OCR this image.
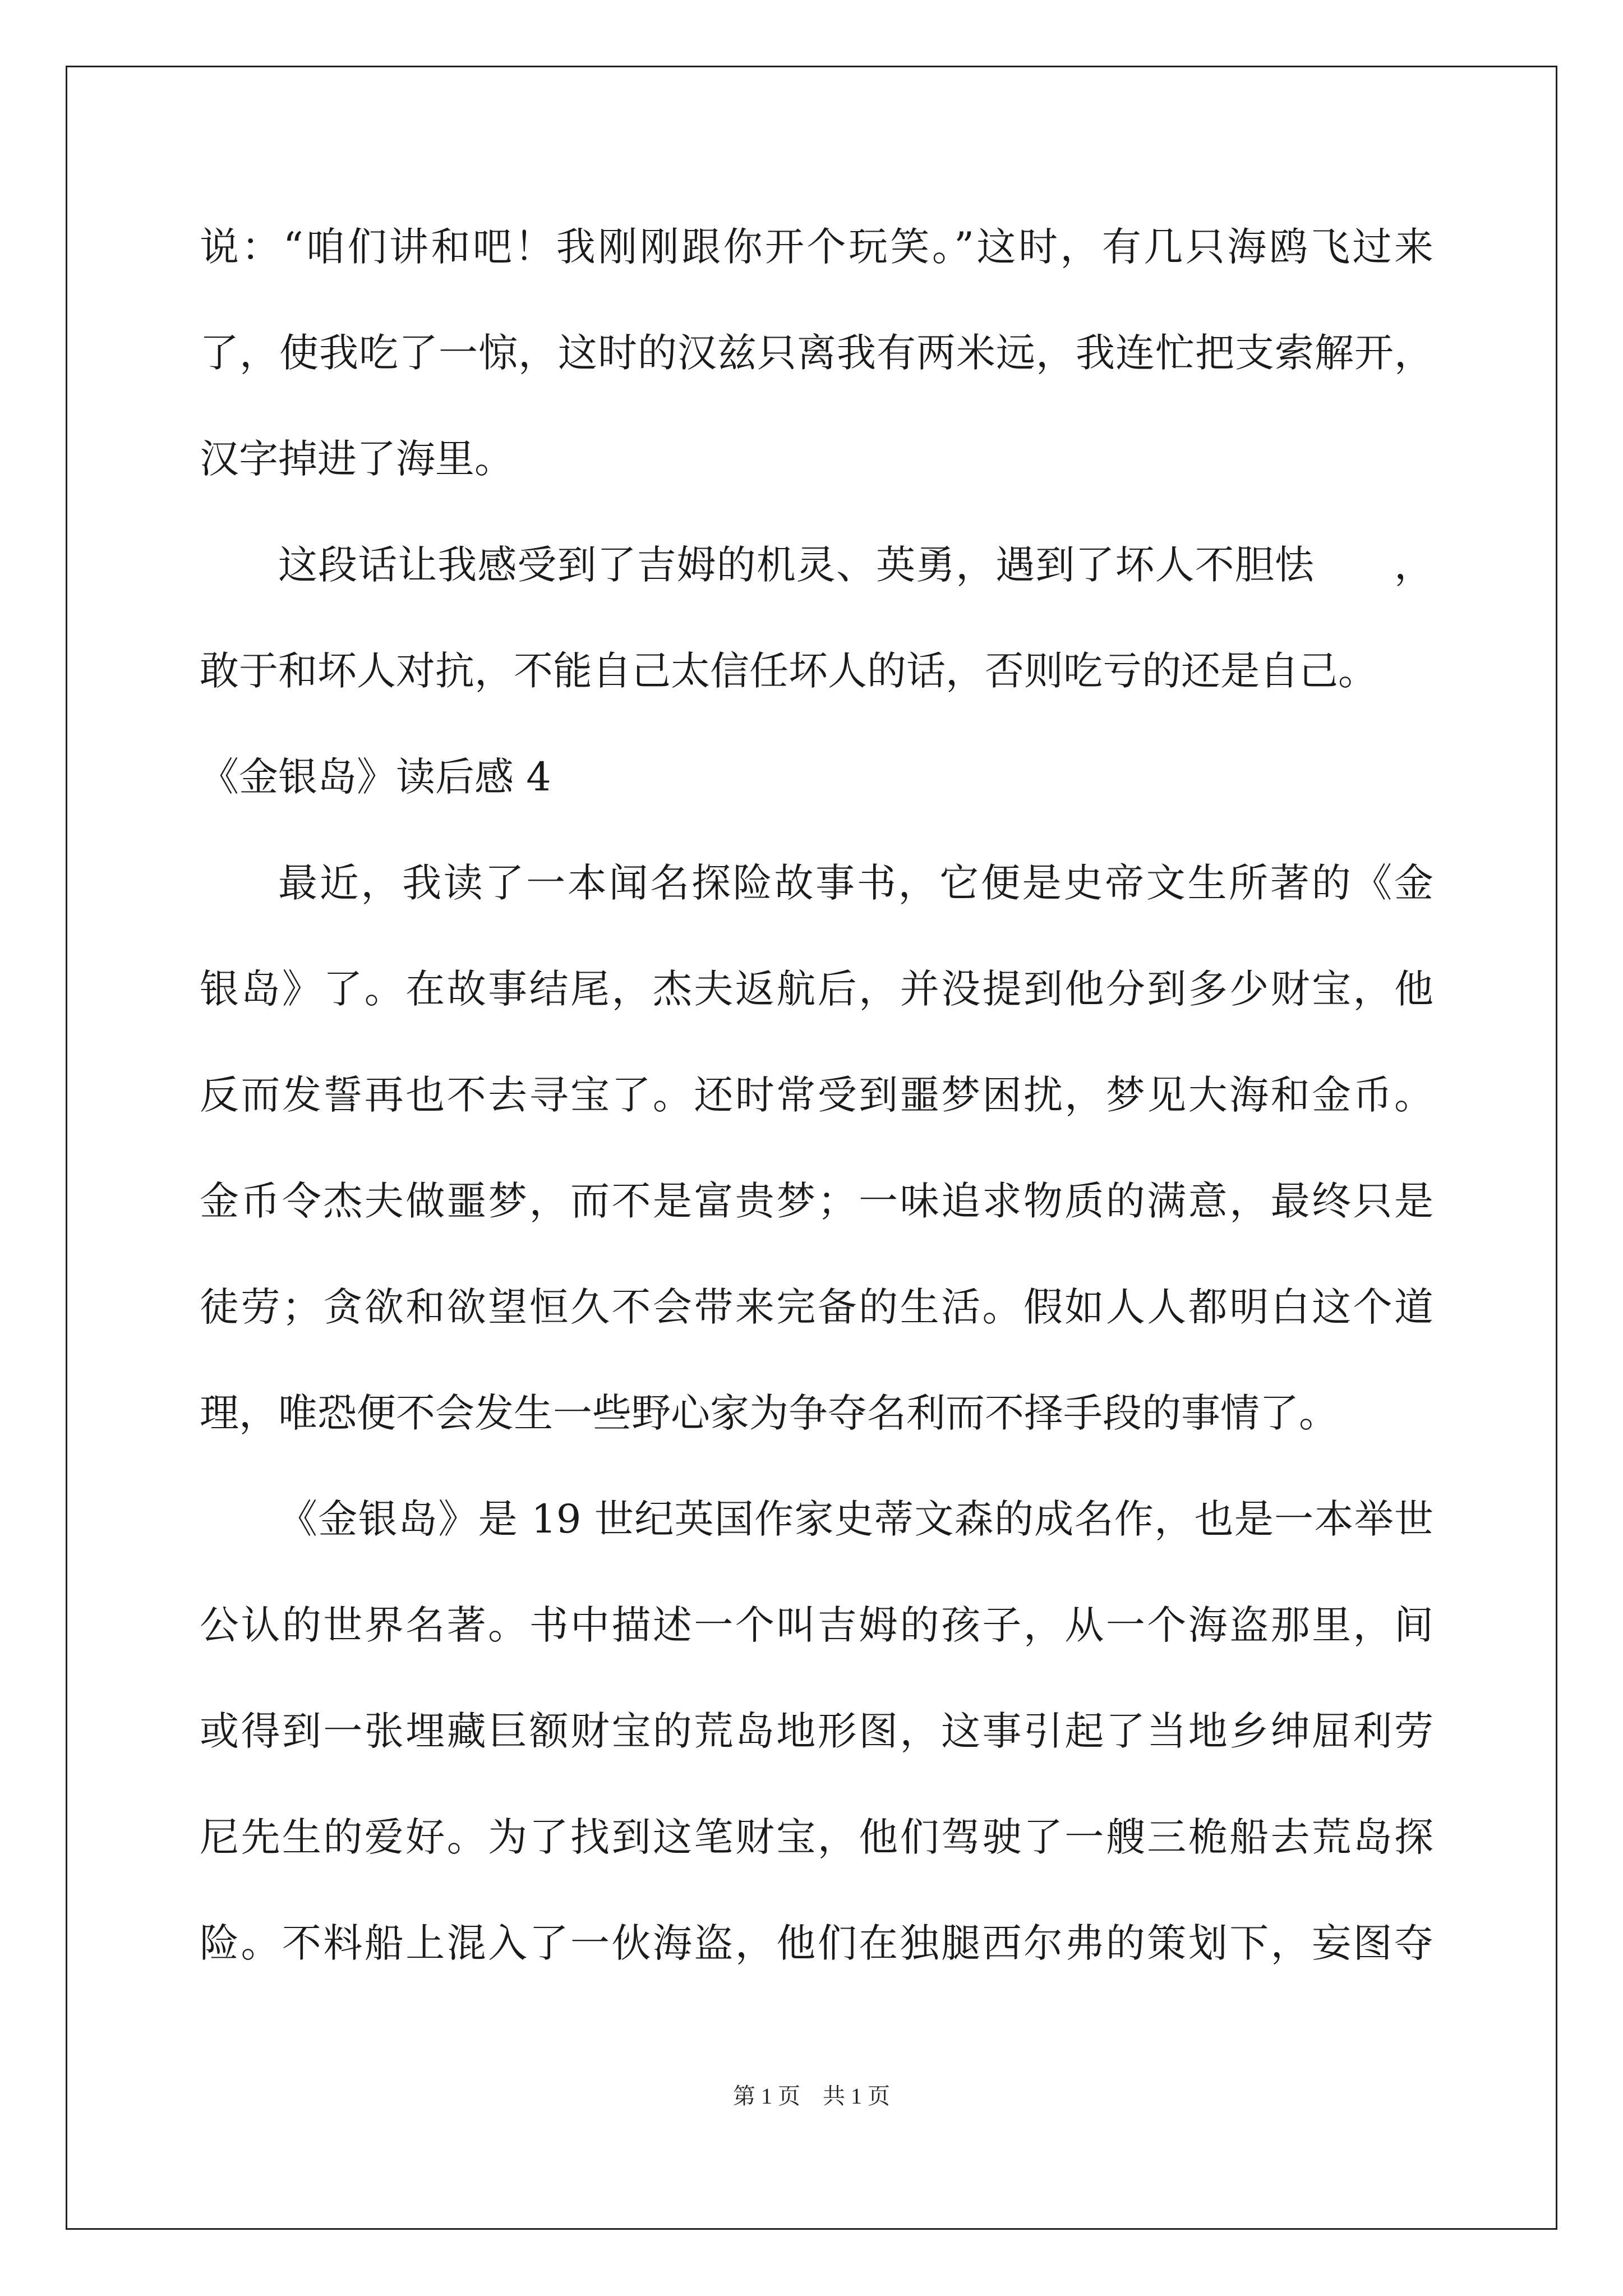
说：“咱们讲和吧！我刚刚跟你开个玩笑。”这时，有几只海鸥飞过来
了，使我吃了一惊，这时的汉兹只离我有两米远，我连忙把支索解开，
汉字掉进了海里。
这段话让我感受到了吉姆的机灵、英勇，遇到了坏人不胆怯　　，
敢于和坏人对抗，不能自己太信任坏人的话，否则吃亏的还是自己。
《金银岛》读后感 4
最近，我读了一本闻名探险故事书，它便是史帝文生所著的《金
银岛》了。在故事结尾，杰夫返航后，并没提到他分到多少财宝，他
反而发誓再也不去寻宝了。还时常受到噩梦困扰，梦见大海和金币。
金币令杰夫做噩梦，而不是富贵梦；一味追求物质的满意，最终只是
徒劳；贪欲和欲望恒久不会带来完备的生活。假如人人都明白这个道
理，唯恐便不会发生一些野心家为争夺名利而不择手段的事情了。
《金银岛》是 19 世纪英国作家史蒂文森的成名作，也是一本举世
公认的世界名著。书中描述一个叫吉姆的孩子，从一个海盗那里，间
或得到一张埋藏巨额财宝的荒岛地形图，这事引起了当地乡绅屈利劳
尼先生的爱好。为了找到这笔财宝，他们驾驶了一艘三桅船去荒岛探
险。不料船上混入了一伙海盗，他们在独腿西尔弗的策划下，妄图夺
第 1 页　共 1 页
